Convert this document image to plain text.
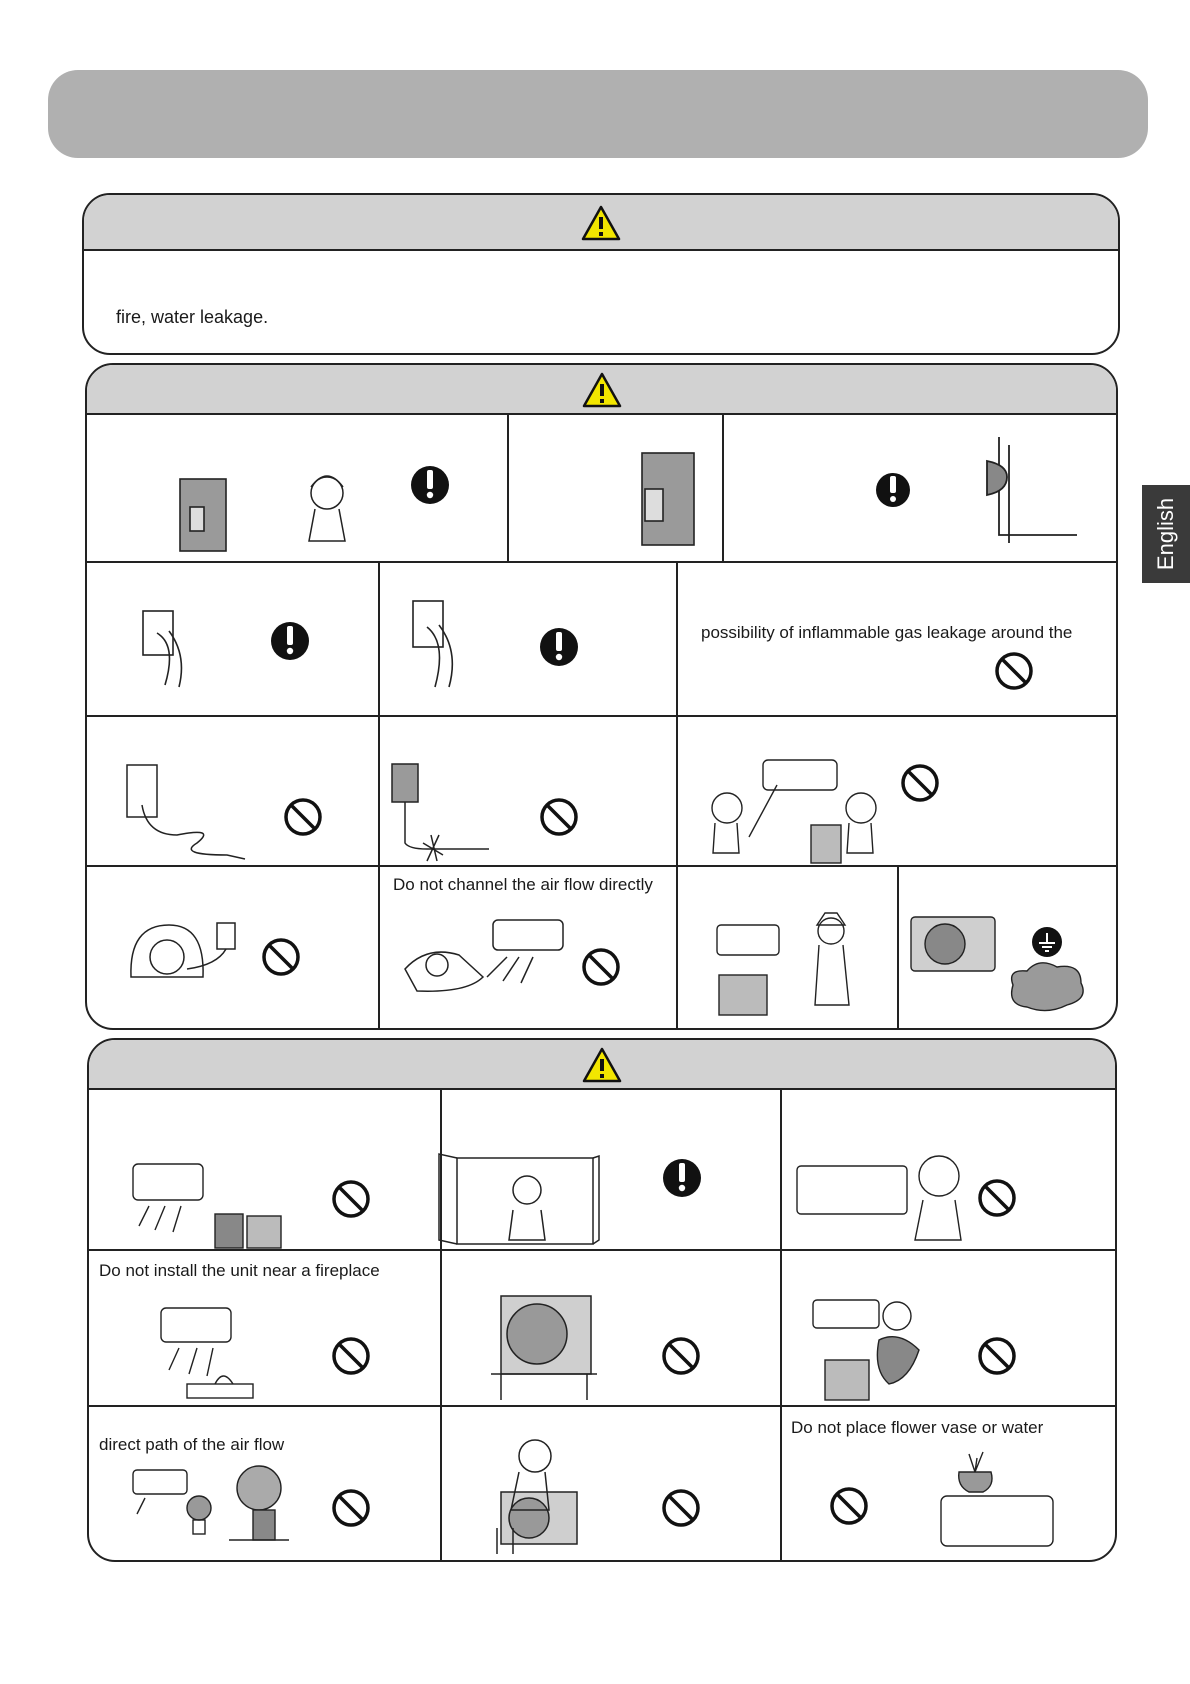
English
fire, water leakage.
Do not channel the air flow directly
possibility of inflammable gas leakage around the
Do not install the unit near a fireplace
direct path of the air flow
Do not place flower vase or water
